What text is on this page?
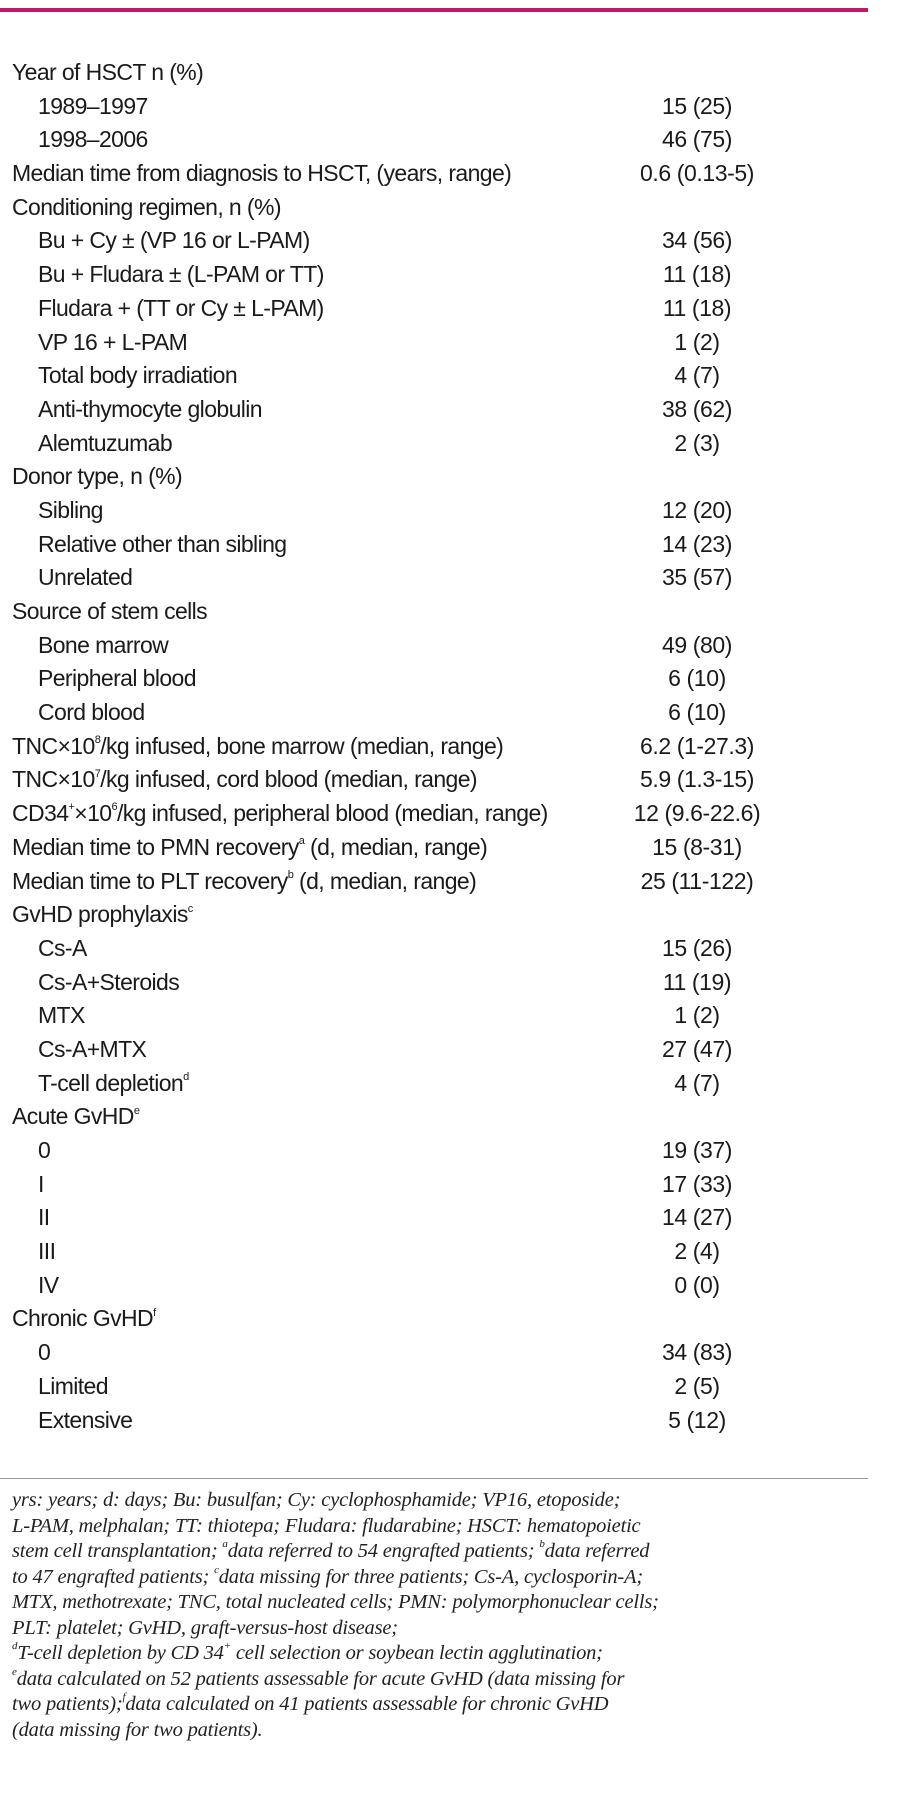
Year of HSCT n (%)
1989–1997	15 (25)
1998–2006	46 (75)
Median time from diagnosis to HSCT, (years, range)	0.6 (0.13-5)
Conditioning regimen, n (%)
Bu + Cy ± (VP 16 or L-PAM)	34 (56)
Bu + Fludara ± (L-PAM or TT)	11 (18)
Fludara + (TT or Cy ± L-PAM)	11 (18)
VP 16 + L-PAM	1 (2)
Total body irradiation	4 (7)
Anti-thymocyte globulin	38 (62)
Alemtuzumab	2 (3)
Donor type, n (%)
Sibling	12 (20)
Relative other than sibling	14 (23)
Unrelated	35 (57)
Source of stem cells
Bone marrow	49 (80)
Peripheral blood	6 (10)
Cord blood	6 (10)
$TNC\times 10^8/kg$ infused, bone marrow (median, range)	6.2 (1-27.3)
$TNC\times 10^7/kg$ infused, cord blood (median, range)	5.9 (1.3-15)
$CD34^+\times 10^6/kg$ infused, peripheral blood (median, range)	12 (9.6-22.6)
Median time to PMN recovery$^a$ (d, median, range)	15 (8-31)
Median time to PLT recovery$^b$ (d, median, range)	25 (11-122)
GvHD prophylaxis$^c$
Cs-A	15 (26)
Cs-A+Steroids	11 (19)
MTX	1 (2)
Cs-A+MTX	27 (47)
T-cell depletion$^d$	4 (7)
Acute GvHD$^e$
0	19 (37)
I	17 (33)
II	14 (27)
III	2 (4)
IV	0 (0)
Chronic GvHD$^f$
0	34 (83)
Limited	2 (5)
Extensive	5 (12)
yrs: years; d: days; Bu: busulfan; Cy: cyclophosphamide; VP16, etoposide;
L-PAM, melphalan; TT: thiotepa; Fludara: fludarabine; HSCT: hematopoietic
stem cell transplantation; $^a$data referred to 54 engrafted patients; $^b$data referred
to 47 engrafted patients; $^c$data missing for three patients; Cs-A, cyclosporin-A;
MTX, methotrexate; TNC, total nucleated cells; PMN: polymorphonuclear cells;
PLT: platelet; GvHD, graft-versus-host disease;
$^d$T-cell depletion by CD 34+ cell selection or soybean lectin agglutination;
$^e$data calculated on 52 patients assessable for acute GvHD (data missing for
two patients);$^f$data calculated on 41 patients assessable for chronic GvHD
(data missing for two patients).
